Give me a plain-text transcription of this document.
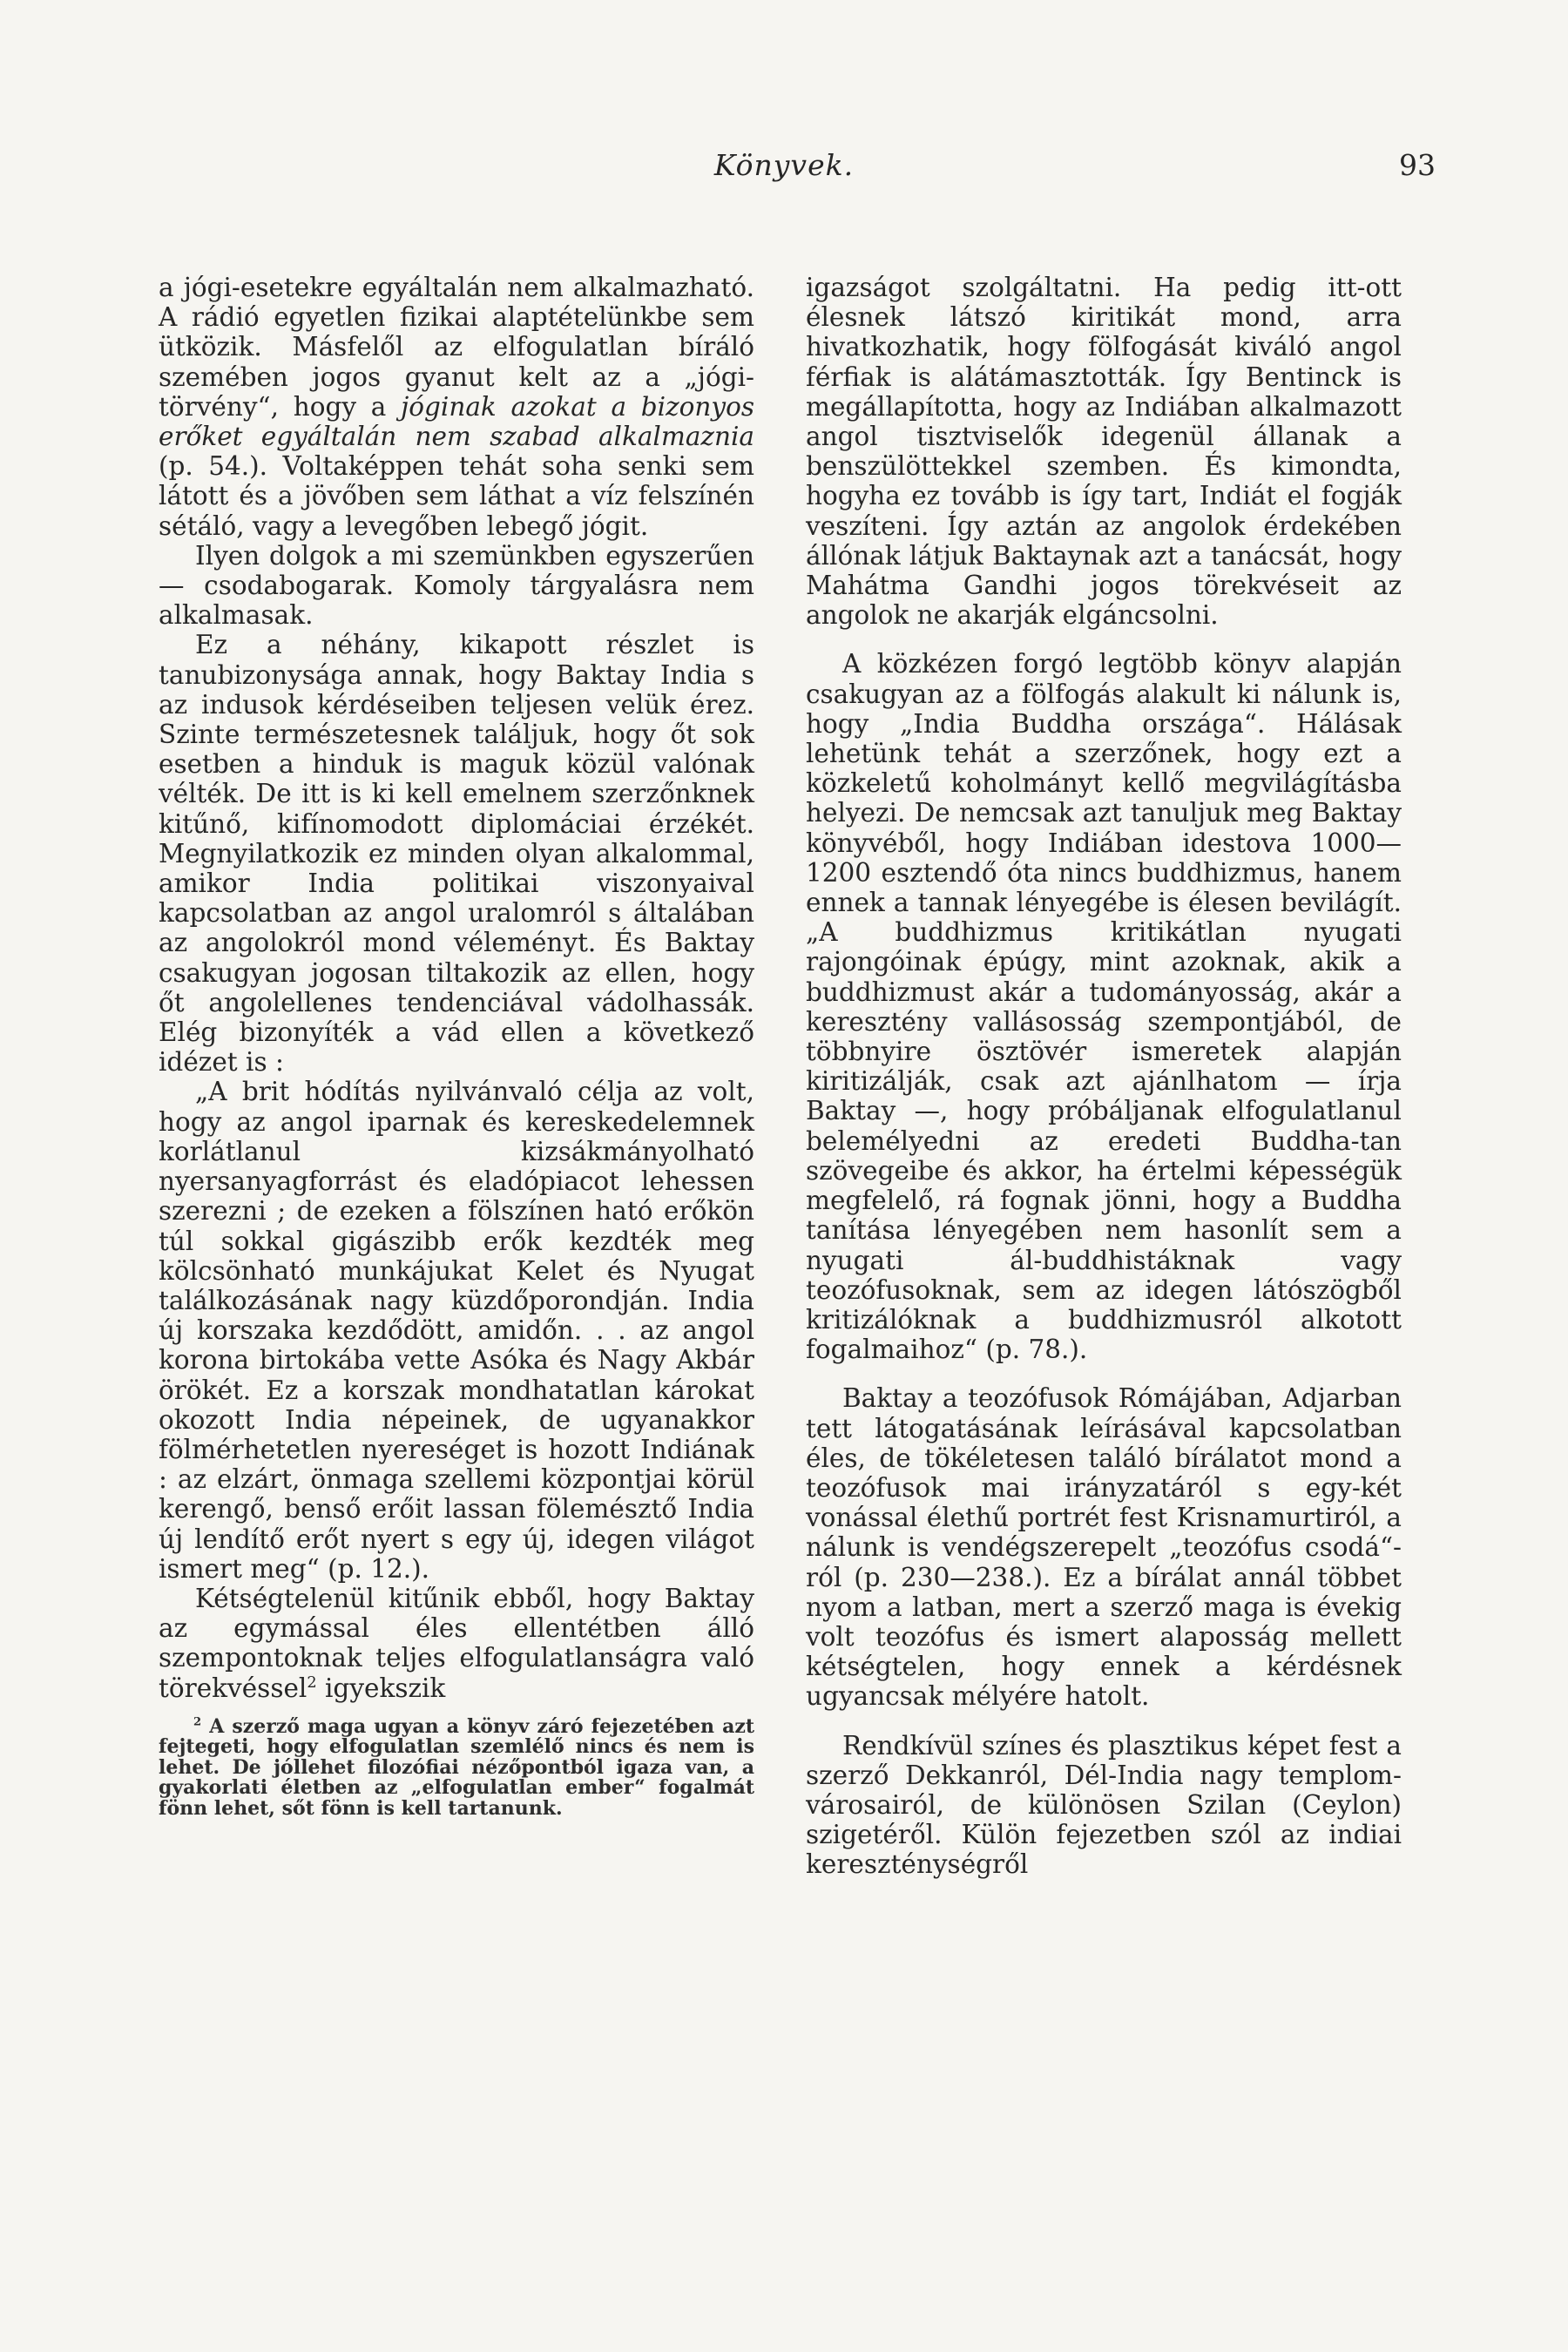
Könyvek.	93

a jógi-esetekre egyáltalán nem alkalmazható. A rádió egyetlen fizikai alaptételünkbe sem ütközik. Másfelől az elfogulatlan bíráló szemében jogos gyanut kelt az a „jógi-törvény“, hogy a jóginak azokat a bizonyos erőket egyáltalán nem szabad alkalmaznia (p. 54.). Voltaképpen tehát soha senki sem látott és a jövőben sem láthat a víz felszínén sétáló, vagy a levegőben lebegő jógit.

Ilyen dolgok a mi szemünkben egyszerűen — csodabogarak. Komoly tárgyalásra nem alkalmasak.

Ez a néhány, kikapott részlet is tanubizonysága annak, hogy Baktay India s az indusok kérdéseiben teljesen velük érez. Szinte természetesnek találjuk, hogy őt sok esetben a hinduk is maguk közül valónak vélték. De itt is ki kell emelnem szerzőnknek kitűnő, kifínomodott diplomáciai érzékét. Megnyilatkozik ez minden olyan alkalommal, amikor India politikai viszonyaival kapcsolatban az angol uralomról s általában az angolokról mond véleményt. És Baktay csakugyan jogosan tiltakozik az ellen, hogy őt angolellenes tendenciával vádolhassák. Elég bizonyíték a vád ellen a következő idézet is :

„A brit hódítás nyilvánvaló célja az volt, hogy az angol iparnak és kereskedelemnek korlátlanul kizsákmányolható nyersanyagforrást és eladópiacot lehessen szerezni ; de ezeken a fölszínen ható erőkön túl sokkal gigászibb erők kezdték meg kölcsönható munkájukat Kelet és Nyugat találkozásának nagy küzdőporondján. India új korszaka kezdődött, amidőn. . . az angol korona birtokába vette Asóka és Nagy Akbár örökét. Ez a korszak mondhatatlan károkat okozott India népeinek, de ugyanakkor fölmérhetetlen nyereséget is hozott Indiának : az elzárt, önmaga szellemi központjai körül kerengő, benső erőit lassan fölemésztő India új lendítő erőt nyert s egy új, idegen világot ismert meg“ (p. 12.).

Kétségtelenül kitűnik ebből, hogy Baktay az egymással éles ellentétben álló szempontoknak teljes elfogulatlanságra való törekvéssel$^2$ igyekszik

$^2$ A szerző maga ugyan a könyv záró fejezetében azt fejtegeti, hogy elfogulatlan szemlélő nincs és nem is lehet. De jóllehet filozófiai nézőpontból igaza van, a gyakorlati életben az „elfogulatlan ember“ fogalmát fönn lehet, sőt fönn is kell tartanunk.

igazságot szolgáltatni. Ha pedig itt-ott élesnek látszó kiritikát mond, arra hivatkozhatik, hogy fölfogását kiváló angol férfiak is alátámasztották. Így Bentinck is megállapította, hogy az Indiában alkalmazott angol tisztviselők idegenül állanak a benszülöttekkel szemben. És kimondta, hogyha ez tovább is így tart, Indiát el fogják veszíteni. Így aztán az angolok érdekében állónak látjuk Baktaynak azt a tanácsát, hogy Mahátma Gandhi jogos törekvéseit az angolok ne akarják elgáncsolni.

A közkézen forgó legtöbb könyv alapján csakugyan az a fölfogás alakult ki nálunk is, hogy „India Buddha országa“. Hálásak lehetünk tehát a szerzőnek, hogy ezt a közkeletű koholmányt kellő megvilágításba helyezi. De nemcsak azt tanuljuk meg Baktay könyvéből, hogy Indiában idestova 1000—1200 esztendő óta nincs buddhizmus, hanem ennek a tannak lényegébe is élesen bevilágít. „A buddhizmus kritikátlan nyugati rajongóinak épúgy, mint azoknak, akik a buddhizmust akár a tudományosság, akár a keresztény vallásosság szempontjából, de többnyire ösztövér ismeretek alapján kiritizálják, csak azt ajánlhatom — írja Baktay —, hogy próbáljanak elfogulatlanul belemélyedni az eredeti Buddha-tan szövegeibe és akkor, ha értelmi képességük megfelelő, rá fognak jönni, hogy a Buddha tanítása lényegében nem hasonlít sem a nyugati ál-buddhistáknak vagy teozófusoknak, sem az idegen látószögből kritizálóknak a buddhizmusról alkotott fogalmaihoz“ (p. 78.).

Baktay a teozófusok Rómájában, Adjarban tett látogatásának leírásával kapcsolatban éles, de tökéletesen találó bírálatot mond a teozófusok mai irányzatáról s egy-két vonással élethű portrét fest Krisnamurtiról, a nálunk is vendégszerepelt „teozófus csodá“-ról (p. 230—238.). Ez a bírálat annál többet nyom a latban, mert a szerző maga is évekig volt teozófus és ismert alaposság mellett kétségtelen, hogy ennek a kérdésnek ugyancsak mélyére hatolt.

Rendkívül színes és plasztikus képet fest a szerző Dekkanról, Dél-India nagy templom-városairól, de különösen Szilan (Ceylon) szigetéről. Külön fejezetben szól az indiai kereszténységről
